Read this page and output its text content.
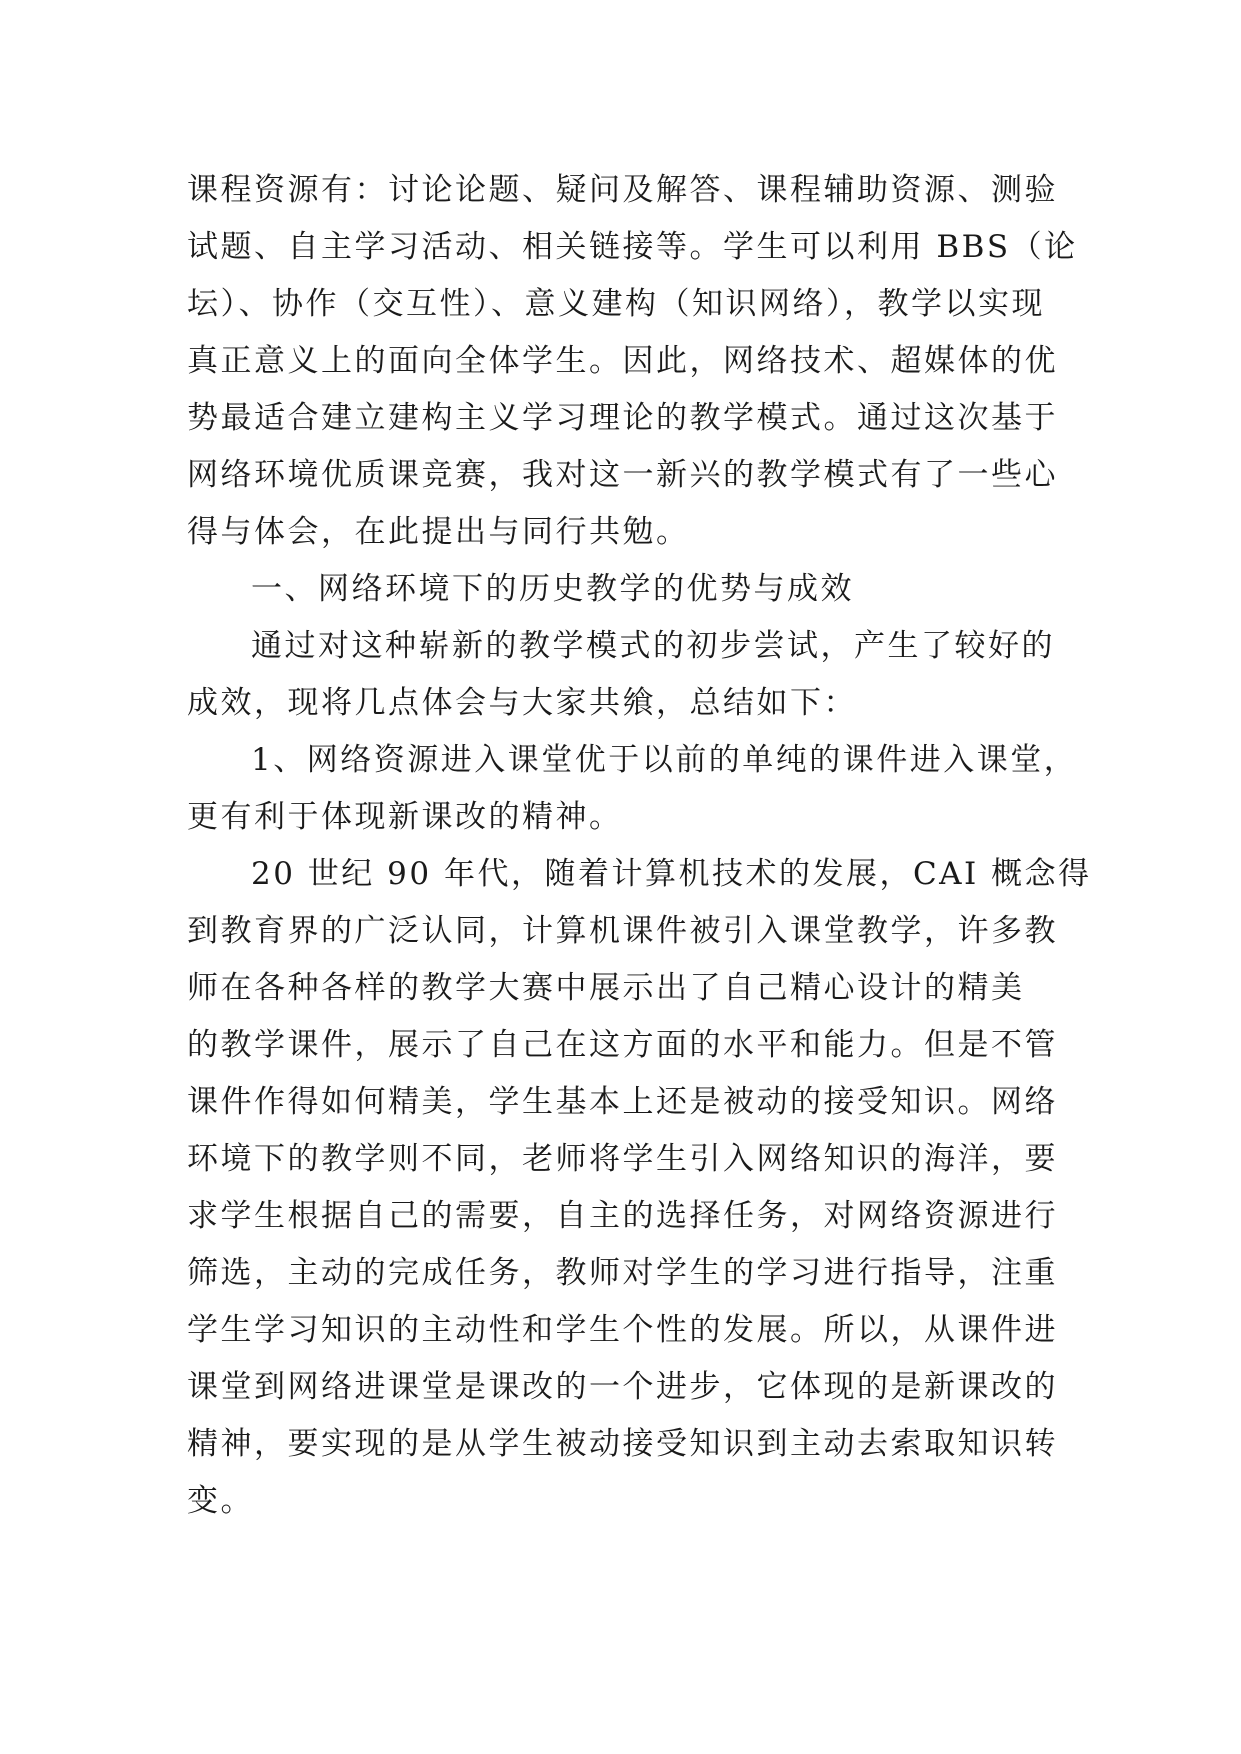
课程资源有：讨论论题、疑问及解答、课程辅助资源、测验
试题、自主学习活动、相关链接等。学生可以利用 BBS（论
坛）、协作（交互性）、意义建构（知识网络），教学以实现
真正意义上的面向全体学生。因此，网络技术、超媒体的优
势最适合建立建构主义学习理论的教学模式。通过这次基于
网络环境优质课竞赛，我对这一新兴的教学模式有了一些心
得与体会，在此提出与同行共勉。
一、网络环境下的历史教学的优势与成效
通过对这种崭新的教学模式的初步尝试，产生了较好的
成效，现将几点体会与大家共飨，总结如下：
1、网络资源进入课堂优于以前的单纯的课件进入课堂，
更有利于体现新课改的精神。
20 世纪 90 年代，随着计算机技术的发展，CAI 概念得
到教育界的广泛认同，计算机课件被引入课堂教学，许多教
师在各种各样的教学大赛中展示出了自己精心设计的精美
的教学课件，展示了自己在这方面的水平和能力。但是不管
课件作得如何精美，学生基本上还是被动的接受知识。网络
环境下的教学则不同，老师将学生引入网络知识的海洋，要
求学生根据自己的需要，自主的选择任务，对网络资源进行
筛选，主动的完成任务，教师对学生的学习进行指导，注重
学生学习知识的主动性和学生个性的发展。所以，从课件进
课堂到网络进课堂是课改的一个进步，它体现的是新课改的
精神，要实现的是从学生被动接受知识到主动去索取知识转
变。
